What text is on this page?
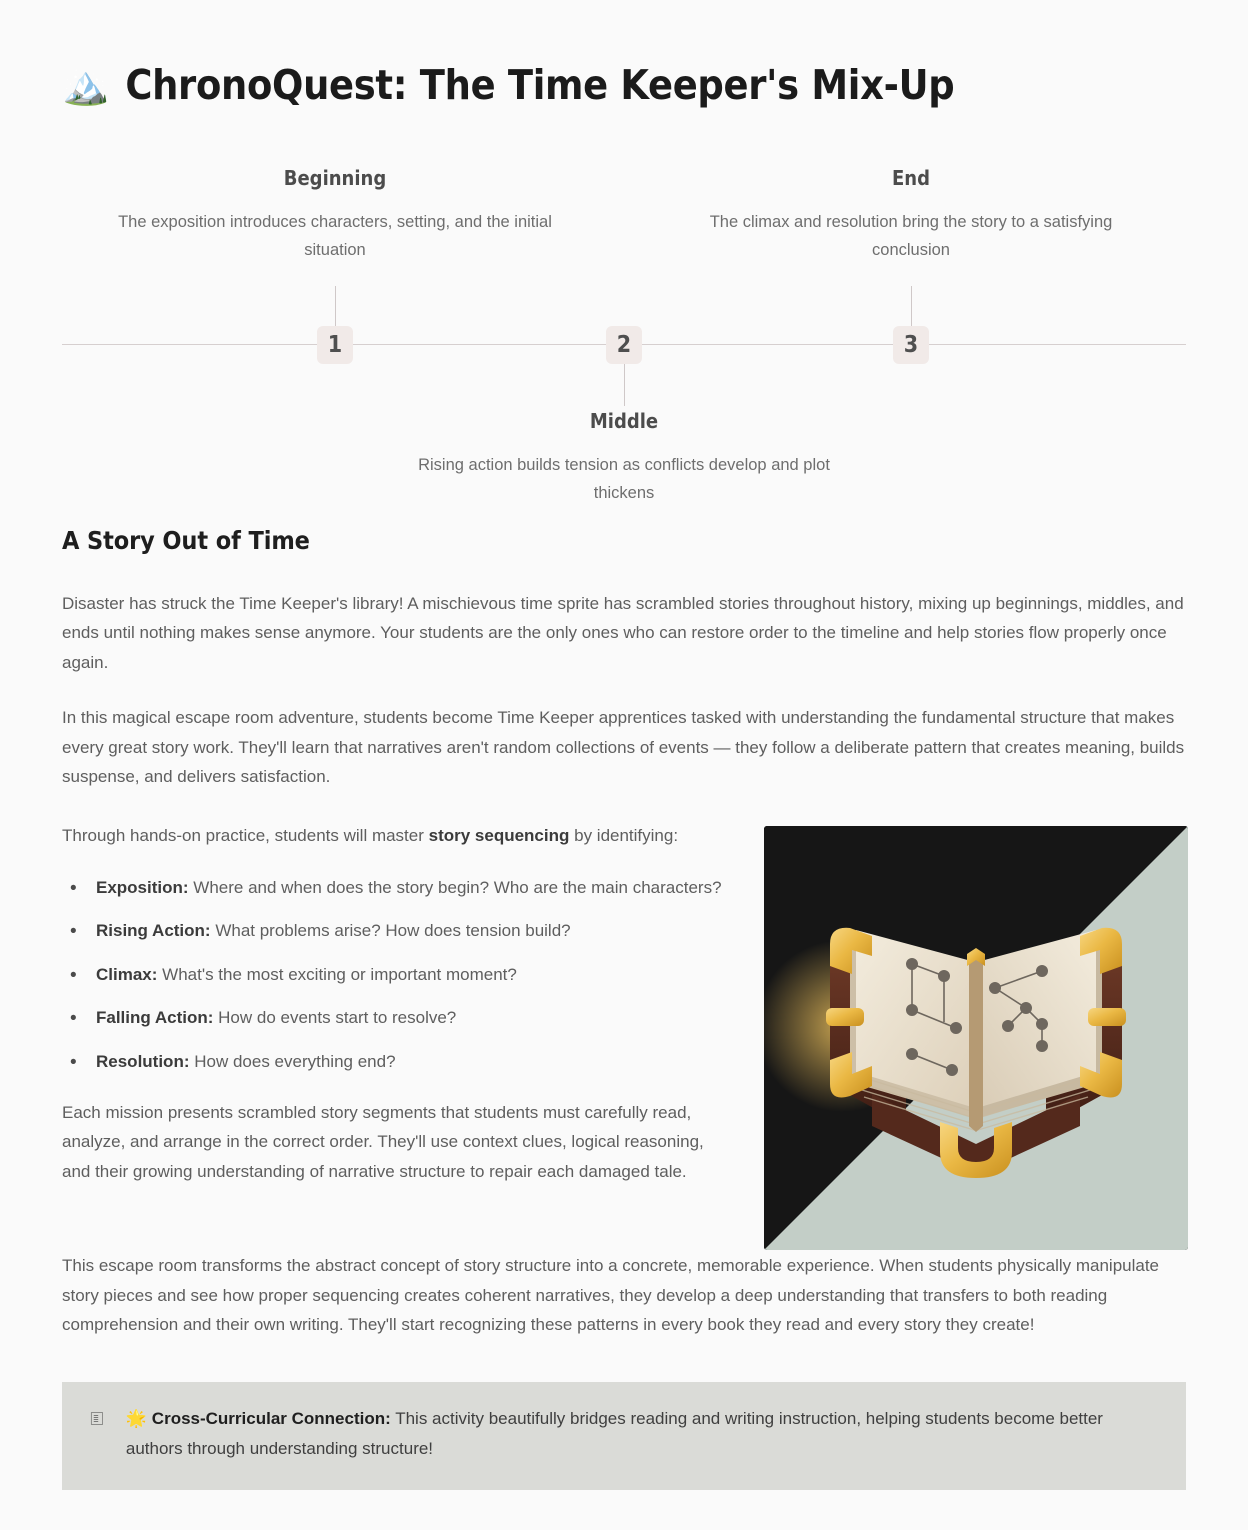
🏔️ ChronoQuest: The Time Keeper's Mix-Up
Beginning
The exposition introduces characters, setting, and the initial situation
1
Middle
Rising action builds tension as conflicts develop and plot thickens
2
End
The climax and resolution bring the story to a satisfying conclusion
3
A Story Out of Time

Disaster has struck the Time Keeper's library! A mischievous time sprite has scrambled stories throughout history, mixing up beginnings, middles, and ends until nothing makes sense anymore. Your students are the only ones who can restore order to the timeline and help stories flow properly once again.

In this magical escape room adventure, students become Time Keeper apprentices tasked with understanding the fundamental structure that makes every great story work. They'll learn that narratives aren't random collections of events — they follow a deliberate pattern that creates meaning, builds suspense, and delivers satisfaction.

Through hands-on practice, students will master story sequencing by identifying:

• Exposition: Where and when does the story begin? Who are the main characters?
• Rising Action: What problems arise? How does tension build?
• Climax: What's the most exciting or important moment?
• Falling Action: How do events start to resolve?
• Resolution: How does everything end?

Each mission presents scrambled story segments that students must carefully read, analyze, and arrange in the correct order. They'll use context clues, logical reasoning, and their growing understanding of narrative structure to repair each damaged tale.

This escape room transforms the abstract concept of story structure into a concrete, memorable experience. When students physically manipulate story pieces and see how proper sequencing creates coherent narratives, they develop a deep understanding that transfers to both reading comprehension and their own writing. They'll start recognizing these patterns in every book they read and every story they create!

🗉 🌟 Cross-Curricular Connection: This activity beautifully bridges reading and writing instruction, helping students become better authors through understanding structure!
